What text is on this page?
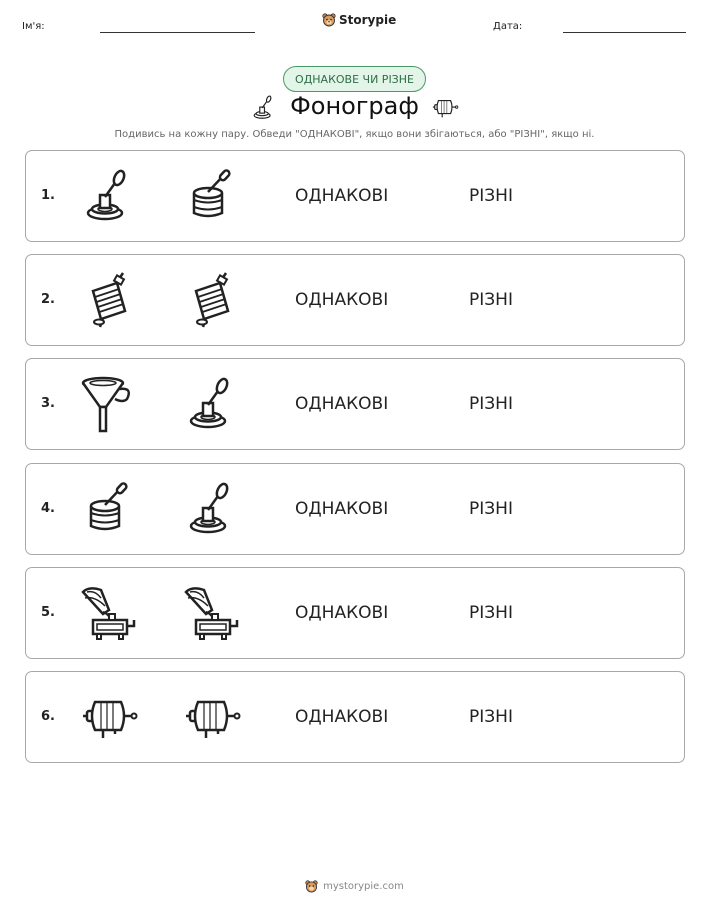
Ім'я:	Storypie	Дата:
ОДНАКОВЕ ЧИ РІЗНЕ
Фонограф
Подивись на кожну пару. Обведи "ОДНАКОВІ", якщо вони збігаються, або "РІЗНІ", якщо ні.
1.	ОДНАКОВІ	РІЗНІ
2.	ОДНАКОВІ	РІЗНІ
3.	ОДНАКОВІ	РІЗНІ
4.	ОДНАКОВІ	РІЗНІ
5.	ОДНАКОВІ	РІЗНІ
6.	ОДНАКОВІ	РІЗНІ
mystorypie.com
